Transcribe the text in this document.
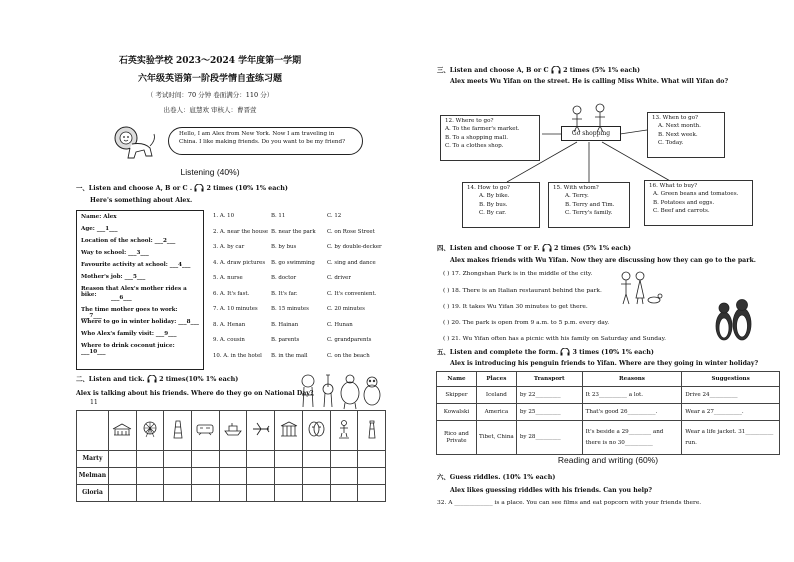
石英实验学校 2023～2024 学年度第一学期
六年级英语第一阶段学情自查练习题
（ 考试时间：70 分钟 卷面满分：110 分）
出卷人：扈慧欢 审核人：曹晋萱
Hello, I am Alex from New York. Now I am traveling in China. I like making friends. Do you want to be my friend?
Listening (40%)
一、Listen and choose A, B or C . 2 times (10% 1% each)
Here's something about Alex.
Name: Alex
Age: ___1___
Location of the school: ___2___
Way to school: ___3___
Favourite activity at school: ___4___
Mother's job: ___5___
Reason that Alex's mother rides a bike:	___6___
The time mother goes to work: ___7___
Where to go in winter holiday: ___8___
Who Alex's family visit: ___9___
Where to drink coconut juice: ___10___
1. A. 10	B. 11	C. 12
2. A. near the house B. near the park C. on Rose Street
3. A. by car	B. by bus	C. by double-decker
4. A. draw pictures B. go swimming C. sing and dance
5. A. nurse	B. doctor	C. driver
6. A. It's fast.	B. It's far.	C. It's convenient.
7. A. 10 minutes B. 15 minutes	C. 20 minutes
8. A. Henan	B. Hainan	C. Hunan
9. A. cousin	B. parents	C. grandparents
10. A. in the hotel B. in the mall	C. on the beach
二、Listen and tick. 2 times(10% 1% each)
Alex is talking about his friends. Where do they go on National Day?
11

Marty										
Melman										
Gloria										
三、Listen and choose A, B or C 2 times (5% 1% each)
Alex meets Wu Yifan on the street. He is calling Miss White. What will Yifan do?
Go shopping
12. Where to go?
A. To the farmer's market.
B. To a shopping mall.
C. To a clothes shop.
13. When to go?
A. Next month.
B. Next week.
C. Today.
14. How to go?
A. By bike.
B. By bus.
C. By car.
15. With whom?
A. Terry.
B. Terry and Tim.
C. Terry's family.
16. What to buy?
A. Green beans and tomatoes.
B. Potatoes and eggs.
C. Beef and carrots.
四、Listen and choose T or F. 2 times (5% 1% each)
Alex makes friends with Wu Yifan. Now they are discussing how they can go to the park.
( ) 17. Zhongshan Park is in the middle of the city.
( ) 18. There is an Italian restaurant behind the park.
( ) 19. It takes Wu Yifan 30 minutes to get there.
( ) 20. The park is open from 9 a.m. to 5 p.m. every day.
( ) 21. Wu Yifan often has a picnic with his family on Saturday and Sunday.
五、Listen and complete the form. 3 times (10% 1% each)
Alex is introducing his penguin friends to Yifan. Where are they going in winter holiday?
Name	Places	Transport	Reasons	Suggestions
Skipper	Iceland	by 22_________	It 23__________ a lot.	Drive 24__________
Kowalski	America	by 25_________	That's good 26__________.	Wear a 27__________.
Rico and Private	Tibet, China	by 28_________	It's beside a 29________ and there is no 30__________	Wear a life jacket. 31__________ run.
Reading and writing (60%)
六、Guess riddles. (10% 1% each)
Alex likes guessing riddles with his friends. Can you help?
32. A _____________ is a place. You can see films and eat popcorn with your friends there.
